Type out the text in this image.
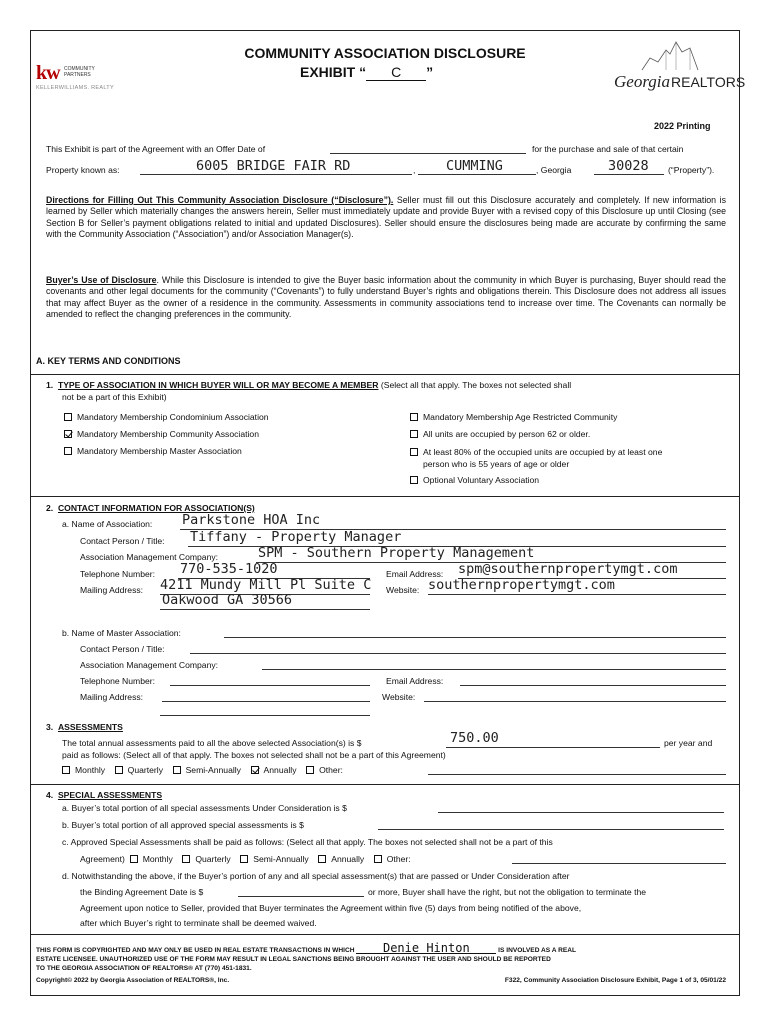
kw COMMUNITY
PARTNERS
KELLERWILLIAMS. REALTY
COMMUNITY ASSOCIATION DISCLOSURE
EXHIBIT “ C ”	Georgia REALTORS
2022 Printing
This Exhibit is part of the Agreement with an Offer Date of	for the purchase and sale of that certain
Property known as:	6005 BRIDGE FAIR RD	, CUMMING	, Georgia	30028 (“Property”).
Directions for Filling Out This Community Association Disclosure (“Disclosure”). Seller must fill out this Disclosure accurately and completely. If new information is learned by Seller which materially changes the answers herein, Seller must immediately update and provide Buyer with a revised copy of this Disclosure up until Closing (see Section B for Seller’s payment obligations related to initial and updated Disclosures). Seller should ensure the disclosures being made are accurate by confirming the same with the Community Association (“Association”) and/or Association Manager(s).
Buyer’s Use of Disclosure. While this Disclosure is intended to give the Buyer basic information about the community in which Buyer is purchasing, Buyer should read the covenants and other legal documents for the community (“Covenants”) to fully understand Buyer’s rights and obligations therein. This Disclosure does not address all issues that may affect Buyer as the owner of a residence in the community. Assessments in community associations tend to increase over time. The Covenants can normally be amended to reflect the changing preferences in the community.
A. KEY TERMS AND CONDITIONS
1. TYPE OF ASSOCIATION IN WHICH BUYER WILL OR MAY BECOME A MEMBER (Select all that apply. The boxes not selected shall
not be a part of this Exhibit)
Mandatory Membership Condominium Association
Mandatory Membership Community Association
Mandatory Membership Master Association
Mandatory Membership Age Restricted Community
All units are occupied by person 62 or older.
At least 80% of the occupied units are occupied by at least one
person who is 55 years of age or older
Optional Voluntary Association
2. CONTACT INFORMATION FOR ASSOCIATION(S)
a. Name of Association: Parkstone HOA Inc
Contact Person / Title: Tiffany - Property Manager
Association Management Company:	SPM - Southern Property Management
Telephone Number: 770-535-1020	Email Address: spm@southernpropertymgt.com
Mailing Address: 4211 Mundy Mill Pl Suite C Website: southernpropertymgt.com
Oakwood GA 30566
b. Name of Master Association:
Contact Person / Title:
Association Management Company:
Telephone Number:	Email Address:
Mailing Address:	Website:
3. ASSESSMENTS
The total annual assessments paid to all the above selected Association(s) is $	750.00	per year and
paid as follows: (Select all of that apply. The boxes not selected shall not be a part of this Agreement)
Monthly	Quarterly	Semi-Annually	Annually	Other:
4. SPECIAL ASSESSMENTS
a. Buyer’s total portion of all special assessments Under Consideration is $
b. Buyer’s total portion of all approved special assessments is $
c. Approved Special Assessments shall be paid as follows: (Select all that apply. The boxes not selected shall not be a part of this
Agreement) Monthly	Quarterly	Semi-Annually	Annually	Other:
d. Notwithstanding the above, if the Buyer’s portion of any and all special assessment(s) that are passed or Under Consideration after
the Binding Agreement Date is $	or more, Buyer shall have the right, but not the obligation to terminate the
Agreement upon notice to Seller, provided that Buyer terminates the Agreement within five (5) days from being notified of the above,
after which Buyer’s right to terminate shall be deemed waived.
THIS FORM IS COPYRIGHTED AND MAY ONLY BE USED IN REAL ESTATE TRANSACTIONS IN WHICH Denie Hinton	IS INVOLVED AS A REAL
ESTATE LICENSEE. UNAUTHORIZED USE OF THE FORM MAY RESULT IN LEGAL SANCTIONS BEING BROUGHT AGAINST THE USER AND SHOULD BE REPORTED
TO THE GEORGIA ASSOCIATION OF REALTORS® AT (770) 451-1831.
Copyright© 2022 by Georgia Association of REALTORS®, Inc.	F322, Community Association Disclosure Exhibit, Page 1 of 3, 05/01/22
